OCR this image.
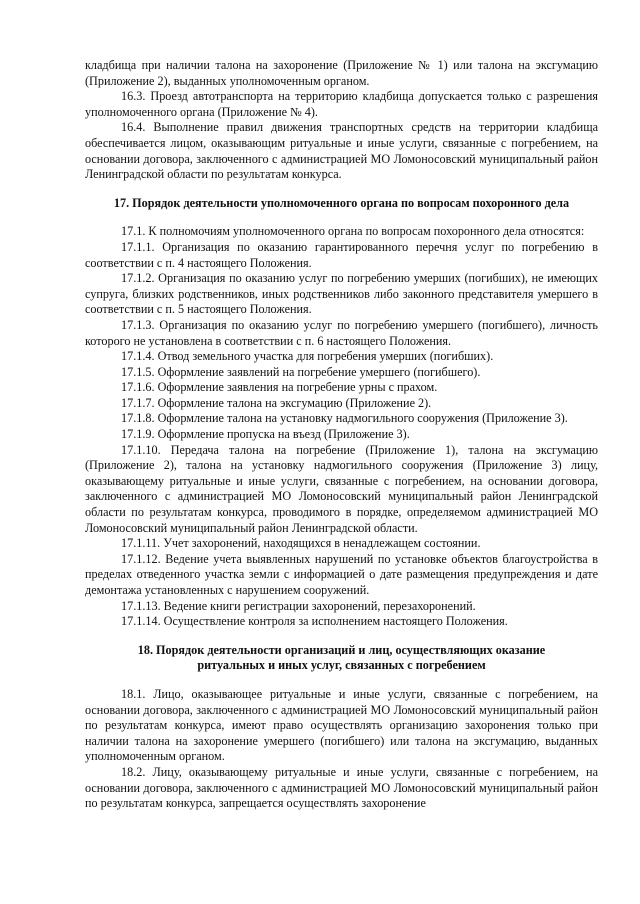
кладбища при наличии талона на захоронение (Приложение № 1) или талона на эксгумацию (Приложение 2), выданных уполномоченным органом.

16.3. Проезд автотранспорта на территорию кладбища допускается только с разрешения уполномоченного органа (Приложение № 4).

16.4. Выполнение правил движения транспортных средств на территории кладбища обеспечивается лицом, оказывающим ритуальные и иные услуги, связанные с погребением, на основании договора, заключенного с администрацией МО Ломоносовский муниципальный район Ленинградской области по результатам конкурса.

17. Порядок деятельности уполномоченного органа по вопросам похоронного дела

17.1. К полномочиям уполномоченного органа по вопросам похоронного дела относятся:

17.1.1. Организация по оказанию гарантированного перечня услуг по погребению в соответствии с п. 4 настоящего Положения.

17.1.2. Организация по оказанию услуг по погребению умерших (погибших), не имеющих супруга, близких родственников, иных родственников либо законного представителя умершего в соответствии с п. 5 настоящего Положения.

17.1.3. Организация по оказанию услуг по погребению умершего (погибшего), личность которого не установлена в соответствии с п. 6 настоящего Положения.

17.1.4. Отвод земельного участка для погребения умерших (погибших).

17.1.5. Оформление заявлений на погребение умершего (погибшего).

17.1.6. Оформление заявления на погребение урны с прахом.

17.1.7. Оформление талона на эксгумацию (Приложение 2).

17.1.8. Оформление талона на установку надмогильного сооружения (Приложение 3).

17.1.9. Оформление пропуска на въезд (Приложение 3).

17.1.10. Передача талона на погребение (Приложение 1), талона на эксгумацию (Приложение 2), талона на установку надмогильного сооружения (Приложение 3) лицу, оказывающему ритуальные и иные услуги, связанные с погребением, на основании договора, заключенного с администрацией МО Ломоносовский муниципальный район Ленинградской области по результатам конкурса, проводимого в порядке, определяемом администрацией МО Ломоносовский муниципальный район Ленинградской области.

17.1.11. Учет захоронений, находящихся в ненадлежащем состоянии.

17.1.12. Ведение учета выявленных нарушений по установке объектов благоустройства в пределах отведенного участка земли с информацией о дате размещения предупреждения и дате демонтажа установленных с нарушением сооружений.

17.1.13. Ведение книги регистрации захоронений, перезахоронений.

17.1.14. Осуществление контроля за исполнением настоящего Положения.

18. Порядок деятельности организаций и лиц, осуществляющих оказание
ритуальных и иных услуг, связанных с погребением

18.1. Лицо, оказывающее ритуальные и иные услуги, связанные с погребением, на основании договора, заключенного с администрацией МО Ломоносовский муниципальный район по результатам конкурса, имеют право осуществлять организацию захоронения только при наличии талона на захоронение умершего (погибшего) или талона на эксгумацию, выданных уполномоченным органом.

18.2. Лицу, оказывающему ритуальные и иные услуги, связанные с погребением, на основании договора, заключенного с администрацией МО Ломоносовский муниципальный район по результатам конкурса, запрещается осуществлять захоронение
